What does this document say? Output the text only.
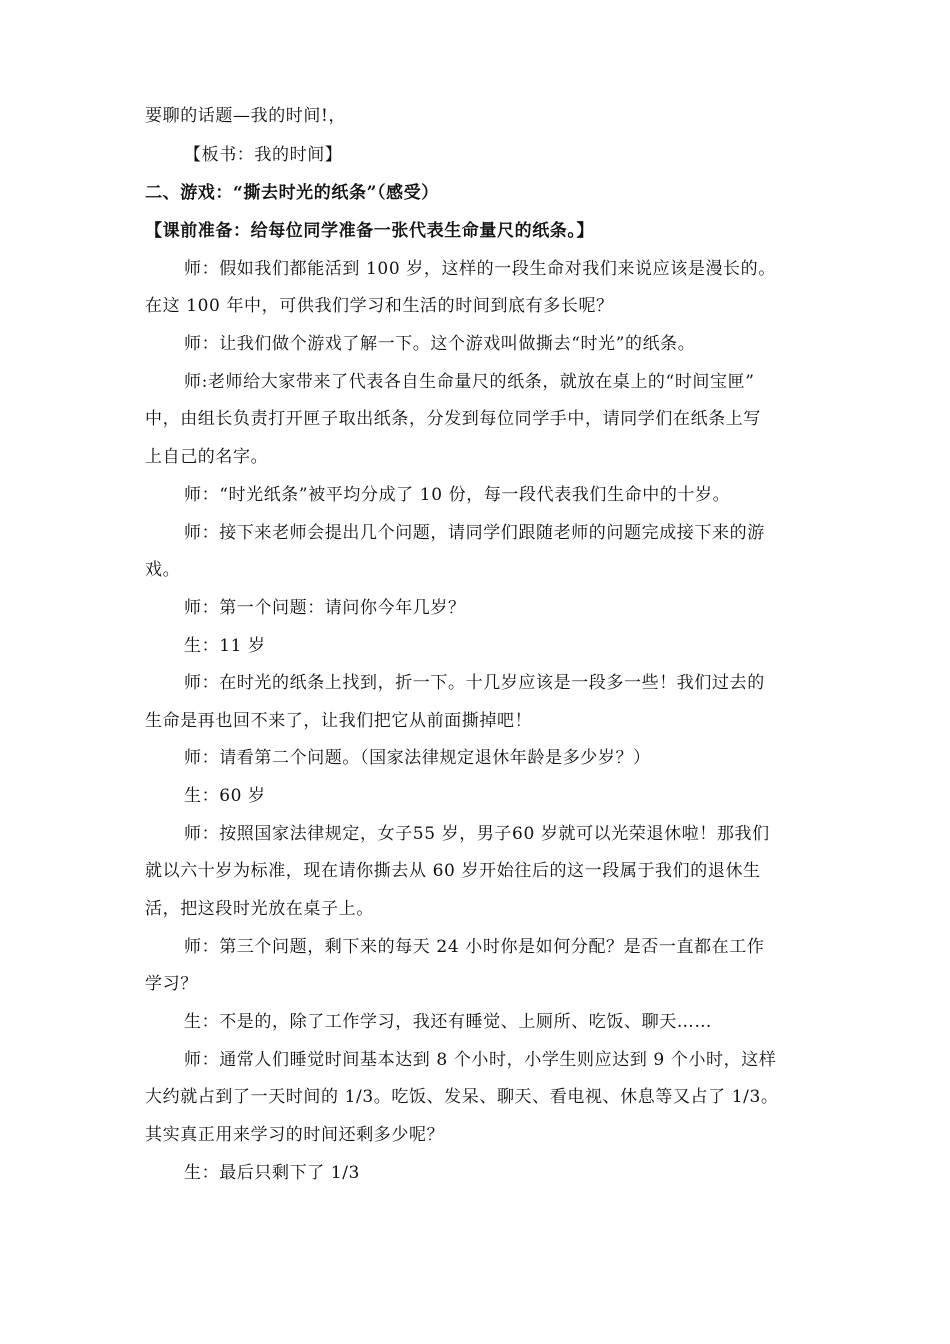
要聊的话题—我的时间!，
【板书：我的时间】
二、游戏：“撕去时光的纸条”（感受）
【课前准备：给每位同学准备一张代表生命量尺的纸条。】
师：假如我们都能活到 100 岁，这样的一段生命对我们来说应该是漫长的。
在这 100 年中，可供我们学习和生活的时间到底有多长呢？
师：让我们做个游戏了解一下。这个游戏叫做撕去“时光”的纸条。
师:老师给大家带来了代表各自生命量尺的纸条，就放在桌上的“时间宝匣”
中，由组长负责打开匣子取出纸条，分发到每位同学手中，请同学们在纸条上写
上自己的名字。
师：“时光纸条”被平均分成了 10 份，每一段代表我们生命中的十岁。
师：接下来老师会提出几个问题，请同学们跟随老师的问题完成接下来的游
戏。
师：第一个问题：请问你今年几岁？
生：11 岁
师：在时光的纸条上找到，折一下。十几岁应该是一段多一些！我们过去的
生命是再也回不来了，让我们把它从前面撕掉吧！
师：请看第二个问题。（国家法律规定退休年龄是多少岁？）
生：60 岁
师：按照国家法律规定，女子55 岁，男子60 岁就可以光荣退休啦！那我们
就以六十岁为标准，现在请你撕去从 60 岁开始往后的这一段属于我们的退休生
活，把这段时光放在桌子上。
师：第三个问题，剩下来的每天 24 小时你是如何分配？是否一直都在工作
学习？
生：不是的，除了工作学习，我还有睡觉、上厕所、吃饭、聊天……
师：通常人们睡觉时间基本达到 8 个小时，小学生则应达到 9 个小时，这样
大约就占到了一天时间的 1/3。吃饭、发呆、聊天、看电视、休息等又占了 1/3。
其实真正用来学习的时间还剩多少呢？
生：最后只剩下了 1/3
